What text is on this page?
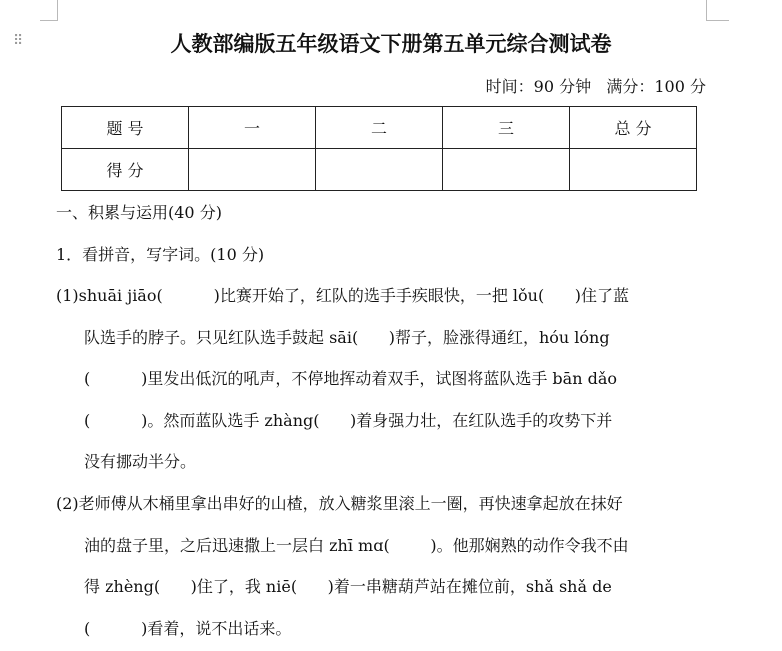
⠿	人教部编版五年级语文下册第五单元综合测试卷
时间：90 分钟   满分：100 分
题 号	一	二	三	总 分
得 分				
一、积累与运用(40 分)
1．看拼音，写字词。(10 分)
(1)shuāi jiāo(          )比赛开始了，红队的选手手疾眼快，一把 lǒu(      )住了蓝
队选手的脖子。只见红队选手鼓起 sāi(      )帮子，脸涨得通红，hóu lóng
(          )里发出低沉的吼声，不停地挥动着双手，试图将蓝队选手 bān dǎo
(          )。然而蓝队选手 zhàng(      )着身强力壮，在红队选手的攻势下并
没有挪动半分。
(2)老师傅从木桶里拿出串好的山楂，放入糖浆里滚上一圈，再快速拿起放在抹好
油的盘子里，之后迅速撒上一层白 zhī mɑ(        )。他那娴熟的动作令我不由
得 zhèng(      )住了，我 niē(      )着一串糖葫芦站在摊位前，shǎ shǎ de
(          )看着，说不出话来。
